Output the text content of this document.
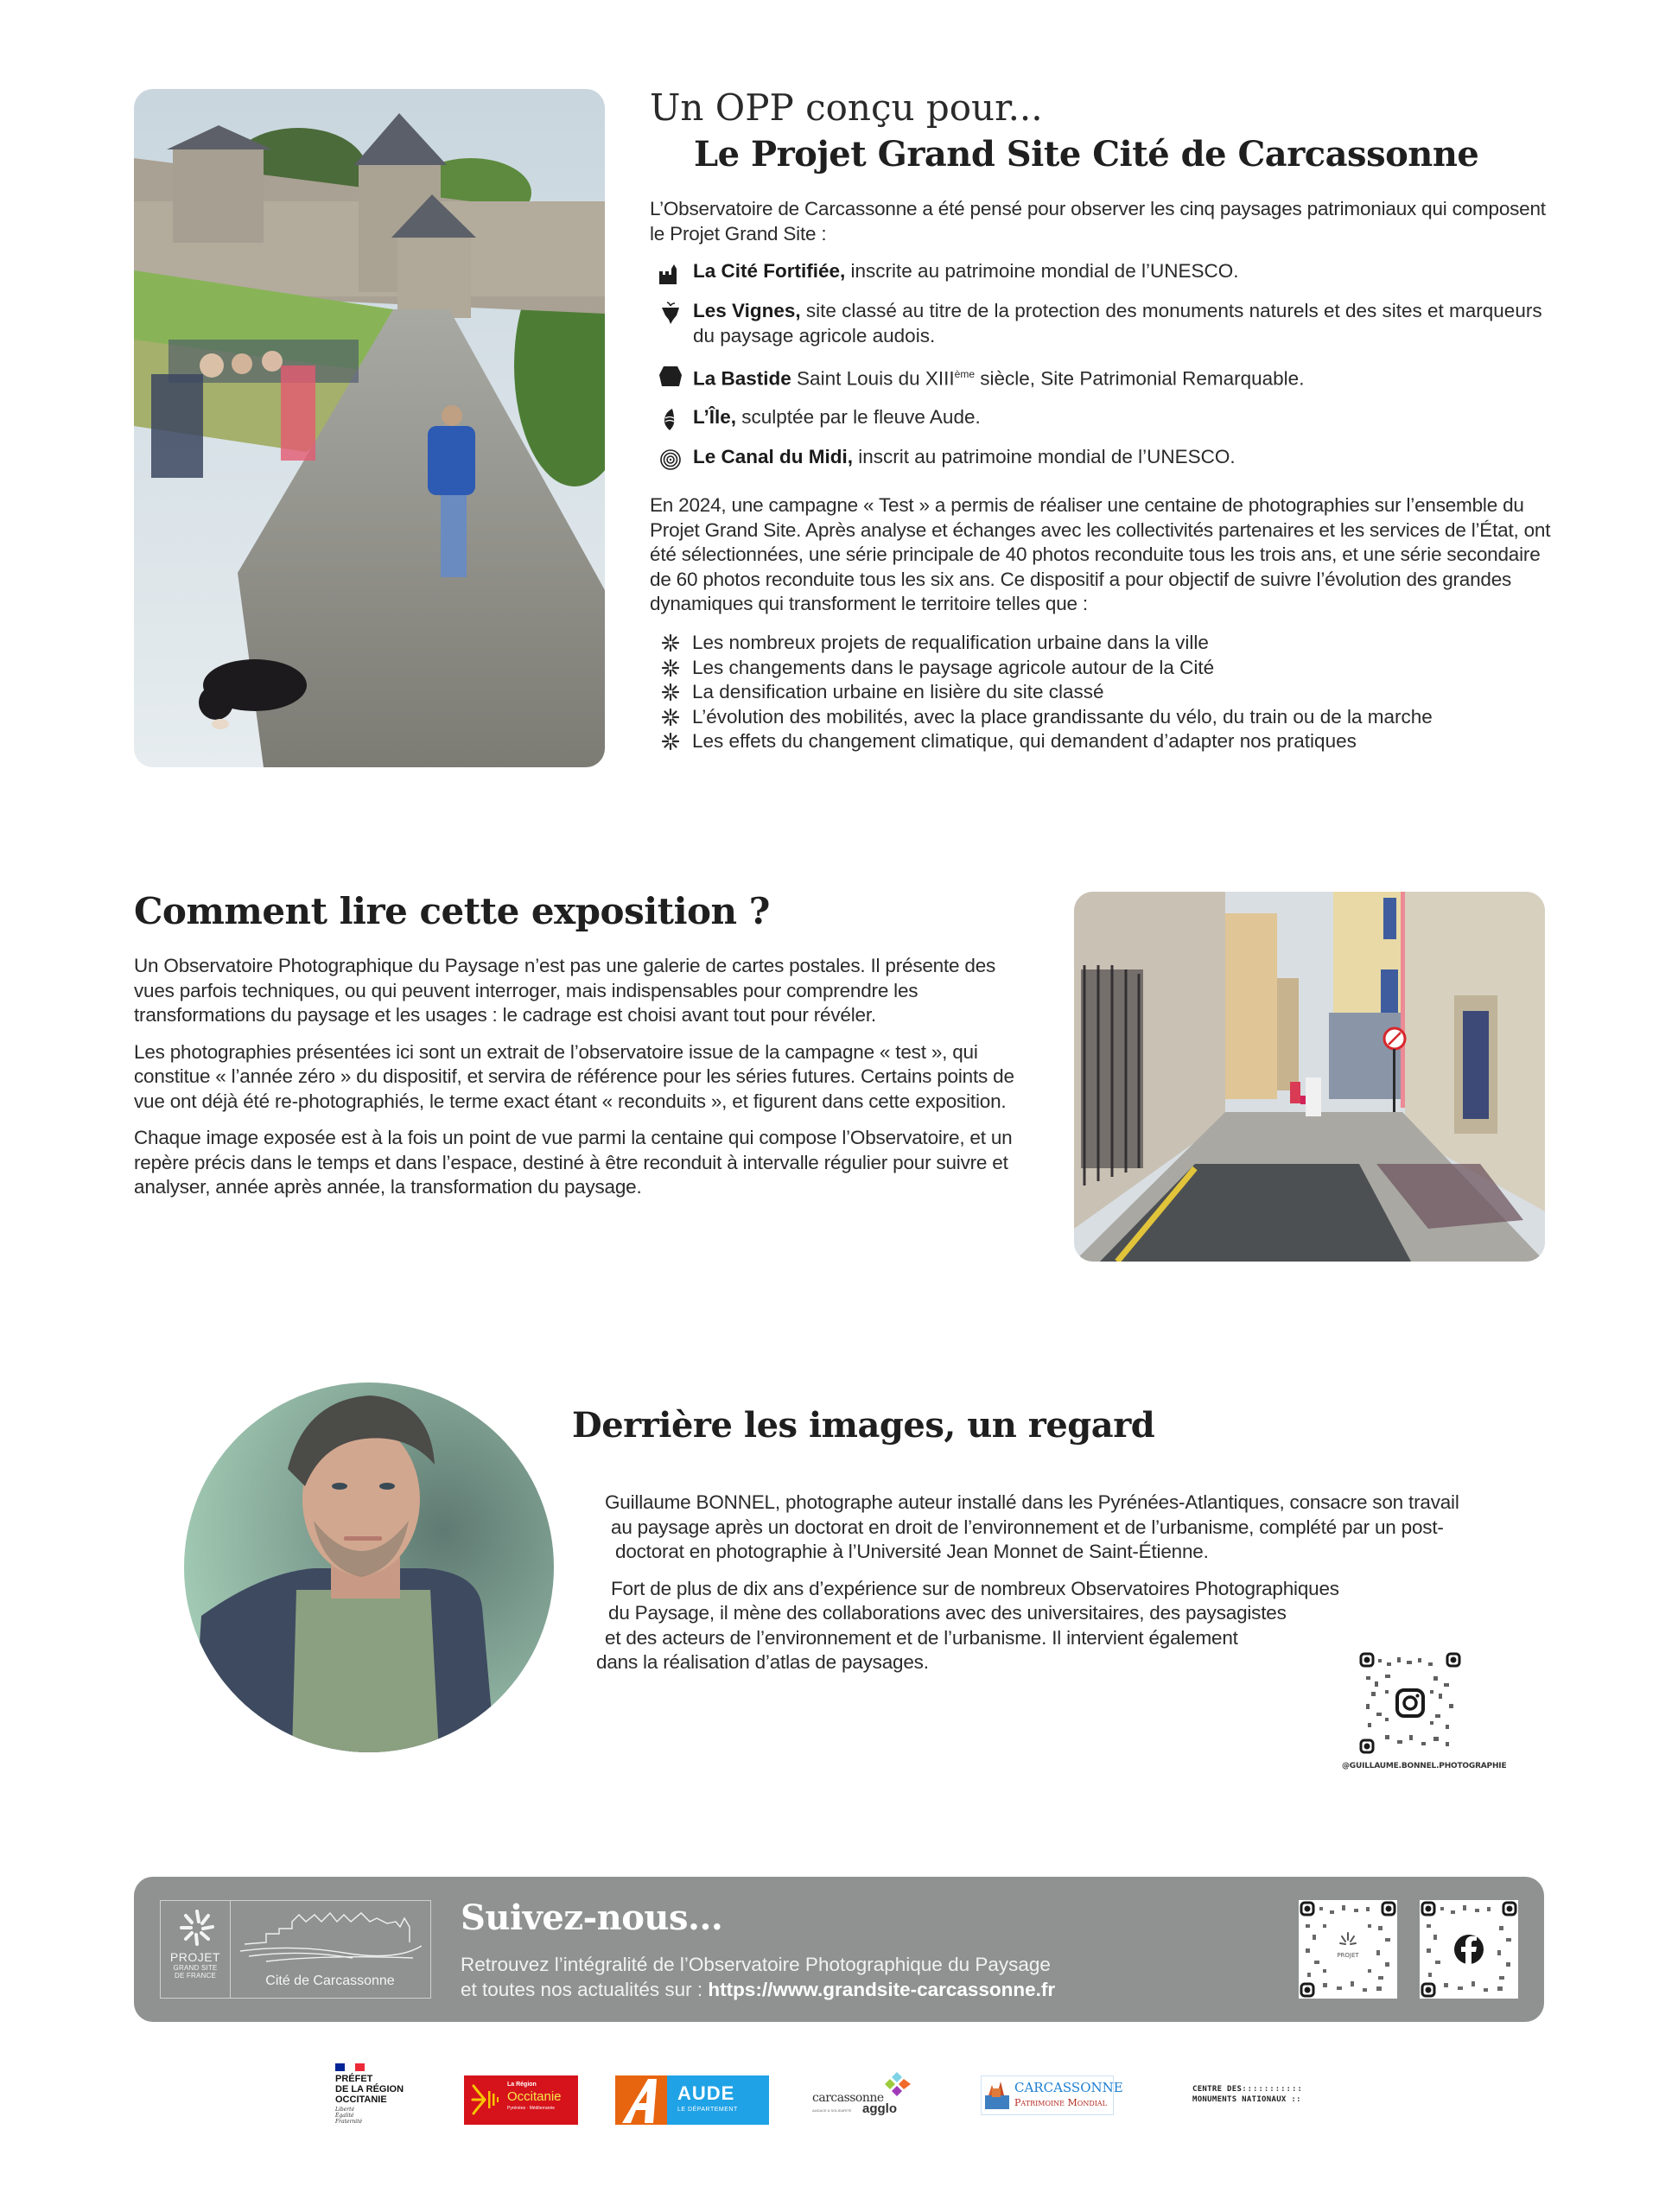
Un OPP conçu pour...
Le Projet Grand Site Cité de Carcassonne

L’Observatoire de Carcassonne a été pensé pour observer les cinq paysages patrimoniaux qui composent le Projet Grand Site :

La Cité Fortifiée, inscrite au patrimoine mondial de l’UNESCO.
Les Vignes, site classé au titre de la protection des monuments naturels et des sites et marqueurs du paysage agricole audois.
La Bastide Saint Louis du XIIIème siècle, Site Patrimonial Remarquable.
L’Île, sculptée par le fleuve Aude.
Le Canal du Midi, inscrit au patrimoine mondial de l’UNESCO.

En 2024, une campagne « Test » a permis de réaliser une centaine de photographies sur l’ensemble du Projet Grand Site. Après analyse et échanges avec les collectivités partenaires et les services de l’État, ont été sélectionnées, une série principale de 40 photos reconduite tous les trois ans, et une série secondaire de 60 photos reconduite tous les six ans. Ce dispositif a pour objectif de suivre l’évolution des grandes dynamiques qui transforment le territoire telles que :

Les nombreux projets de requalification urbaine dans la ville
Les changements dans le paysage agricole autour de la Cité
La densification urbaine en lisière du site classé
L’évolution des mobilités, avec la place grandissante du vélo, du train ou de la marche
Les effets du changement climatique, qui demandent d’adapter nos pratiques
Comment lire cette exposition ?

Un Observatoire Photographique du Paysage n’est pas une galerie de cartes postales. Il présente des vues parfois techniques, ou qui peuvent interroger, mais indispensables pour comprendre les transformations du paysage et les usages : le cadrage est choisi avant tout pour révéler.

Les photographies présentées ici sont un extrait de l’observatoire issue de la campagne « test », qui constitue « l’année zéro » du dispositif, et servira de référence pour les séries futures. Certains points de vue ont déjà été re-photographiés, le terme exact étant « reconduits », et figurent dans cette exposition.

Chaque image exposée est à la fois un point de vue parmi la centaine qui compose l’Observatoire, et un repère précis dans le temps et dans l’espace, destiné à être reconduit à intervalle régulier pour suivre et analyser, année après année, la transformation du paysage.

Derrière les images, un regard

Guillaume BONNEL, photographe auteur installé dans les Pyrénées-Atlantiques, consacre son travail
au paysage après un doctorat en droit de l’environnement et de l’urbanisme, complété par un post-
doctorat en photographie à l’Université Jean Monnet de Saint-Étienne.

Fort de plus de dix ans d’expérience sur de nombreux Observatoires Photographiques
du Paysage, il mène des collaborations avec des universitaires, des paysagistes
et des acteurs de l’environnement et de l’urbanisme. Il intervient également
dans la réalisation d’atlas de paysages.

@GUILLAUME.BONNEL.PHOTOGRAPHIE
PROJET
GRAND SITE
DE FRANCE	Cité de Carcassonne
Suivez-nous...
Retrouvez l’intégralité de l’Observatoire Photographique du Paysage
et toutes nos actualités sur : https://www.grandsite-carcassonne.fr
PROJET
PRÉFET
DE LA RÉGION
OCCITANIE
Liberté
Égalité
Fraternité
La Région
Occitanie
Pyrénées · Méditerranée
AUDE
LE DÉPARTEMENT
carcassonne
AUDACE & SOLIDARITÉ agglo
CARCASSONNE
Patrimoine Mondial
CENTRE DES:::::::::::
MONUMENTS NATIONAUX ::
